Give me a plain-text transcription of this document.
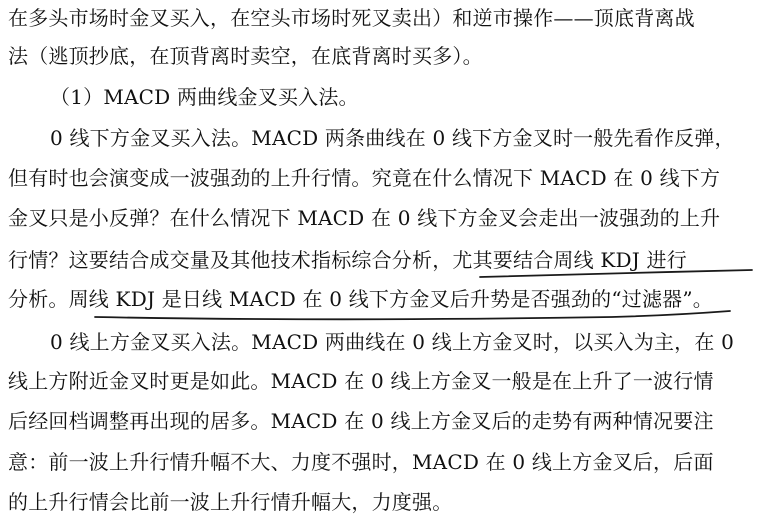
在多头市场时金叉买入，在空头市场时死叉卖出）和逆市操作——顶底背离战
法（逃顶抄底，在顶背离时卖空，在底背离时买多）。
（1）MACD 两曲线金叉买入法。
0 线下方金叉买入法。MACD 两条曲线在 0 线下方金叉时一般先看作反弹，
但有时也会演变成一波强劲的上升行情。究竟在什么情况下 MACD 在 0 线下方
金叉只是小反弹？在什么情况下 MACD 在 0 线下方金叉会走出一波强劲的上升
行情？这要结合成交量及其他技术指标综合分析，尤其要结合周线 KDJ 进行
分析。周线 KDJ 是日线 MACD 在 0 线下方金叉后升势是否强劲的“过滤器”。
0 线上方金叉买入法。MACD 两曲线在 0 线上方金叉时，以买入为主，在 0
线上方附近金叉时更是如此。MACD 在 0 线上方金叉一般是在上升了一波行情
后经回档调整再出现的居多。MACD 在 0 线上方金叉后的走势有两种情况要注
意：前一波上升行情升幅不大、力度不强时，MACD 在 0 线上方金叉后，后面
的上升行情会比前一波上升行情升幅大，力度强。
